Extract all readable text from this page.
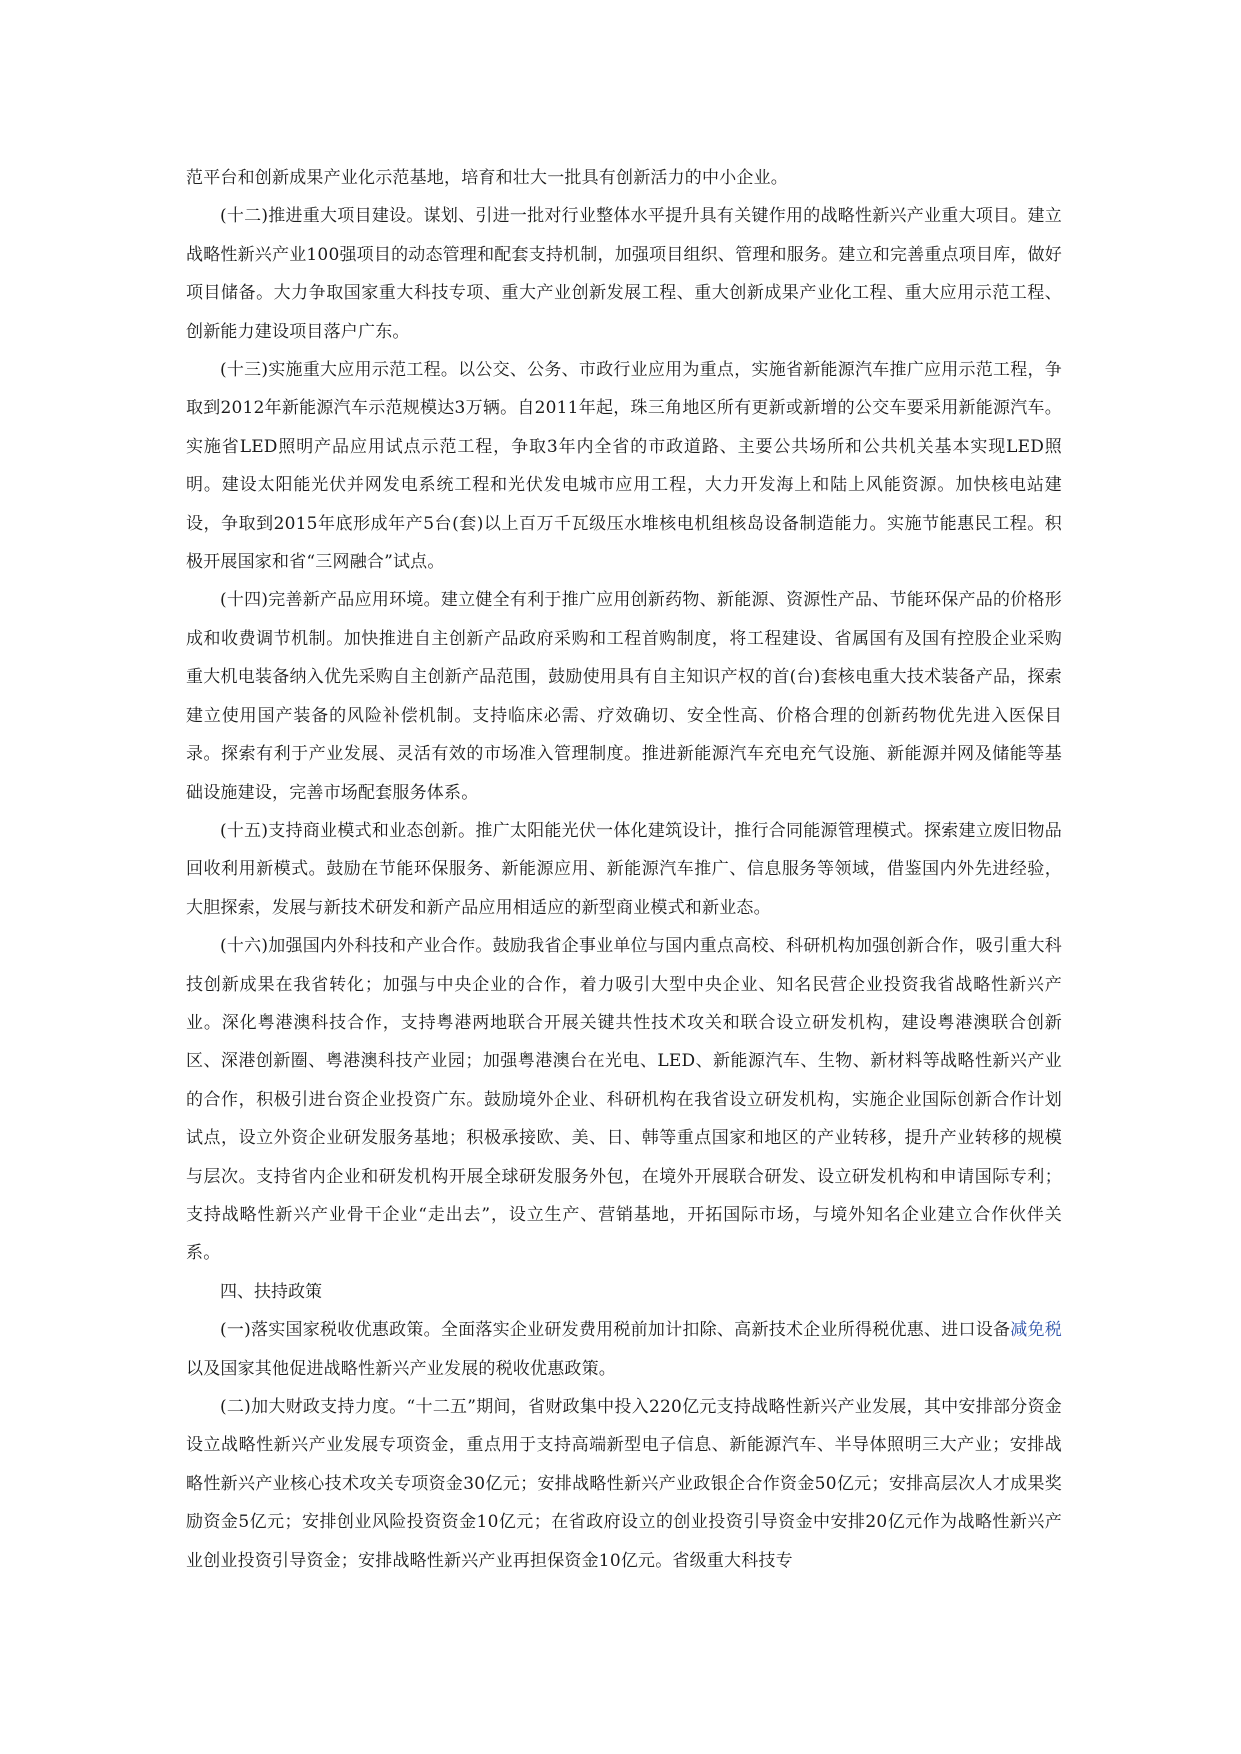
范平台和创新成果产业化示范基地，培育和壮大一批具有创新活力的中小企业。

(十二)推进重大项目建设。谋划、引进一批对行业整体水平提升具有关键作用的战略性新兴产业重大项目。建立战略性新兴产业100强项目的动态管理和配套支持机制，加强项目组织、管理和服务。建立和完善重点项目库，做好项目储备。大力争取国家重大科技专项、重大产业创新发展工程、重大创新成果产业化工程、重大应用示范工程、创新能力建设项目落户广东。

(十三)实施重大应用示范工程。以公交、公务、市政行业应用为重点，实施省新能源汽车推广应用示范工程，争取到2012年新能源汽车示范规模达3万辆。自2011年起，珠三角地区所有更新或新增的公交车要采用新能源汽车。实施省LED照明产品应用试点示范工程，争取3年内全省的市政道路、主要公共场所和公共机关基本实现LED照明。建设太阳能光伏并网发电系统工程和光伏发电城市应用工程，大力开发海上和陆上风能资源。加快核电站建设，争取到2015年底形成年产5台(套)以上百万千瓦级压水堆核电机组核岛设备制造能力。实施节能惠民工程。积极开展国家和省“三网融合”试点。

(十四)完善新产品应用环境。建立健全有利于推广应用创新药物、新能源、资源性产品、节能环保产品的价格形成和收费调节机制。加快推进自主创新产品政府采购和工程首购制度，将工程建设、省属国有及国有控股企业采购重大机电装备纳入优先采购自主创新产品范围，鼓励使用具有自主知识产权的首(台)套核电重大技术装备产品，探索建立使用国产装备的风险补偿机制。支持临床必需、疗效确切、安全性高、价格合理的创新药物优先进入医保目录。探索有利于产业发展、灵活有效的市场准入管理制度。推进新能源汽车充电充气设施、新能源并网及储能等基础设施建设，完善市场配套服务体系。

(十五)支持商业模式和业态创新。推广太阳能光伏一体化建筑设计，推行合同能源管理模式。探索建立废旧物品回收利用新模式。鼓励在节能环保服务、新能源应用、新能源汽车推广、信息服务等领域，借鉴国内外先进经验，大胆探索，发展与新技术研发和新产品应用相适应的新型商业模式和新业态。

(十六)加强国内外科技和产业合作。鼓励我省企事业单位与国内重点高校、科研机构加强创新合作，吸引重大科技创新成果在我省转化；加强与中央企业的合作，着力吸引大型中央企业、知名民营企业投资我省战略性新兴产业。深化粤港澳科技合作，支持粤港两地联合开展关键共性技术攻关和联合设立研发机构，建设粤港澳联合创新区、深港创新圈、粤港澳科技产业园；加强粤港澳台在光电、LED、新能源汽车、生物、新材料等战略性新兴产业的合作，积极引进台资企业投资广东。鼓励境外企业、科研机构在我省设立研发机构，实施企业国际创新合作计划试点，设立外资企业研发服务基地；积极承接欧、美、日、韩等重点国家和地区的产业转移，提升产业转移的规模与层次。支持省内企业和研发机构开展全球研发服务外包，在境外开展联合研发、设立研发机构和申请国际专利；支持战略性新兴产业骨干企业“走出去”，设立生产、营销基地，开拓国际市场，与境外知名企业建立合作伙伴关系。

四、扶持政策

(一)落实国家税收优惠政策。全面落实企业研发费用税前加计扣除、高新技术企业所得税优惠、进口设备减免税以及国家其他促进战略性新兴产业发展的税收优惠政策。

(二)加大财政支持力度。“十二五”期间，省财政集中投入220亿元支持战略性新兴产业发展，其中安排部分资金设立战略性新兴产业发展专项资金，重点用于支持高端新型电子信息、新能源汽车、半导体照明三大产业；安排战略性新兴产业核心技术攻关专项资金30亿元；安排战略性新兴产业政银企合作资金50亿元；安排高层次人才成果奖励资金5亿元；安排创业风险投资资金10亿元；在省政府设立的创业投资引导资金中安排20亿元作为战略性新兴产业创业投资引导资金；安排战略性新兴产业再担保资金10亿元。省级重大科技专
